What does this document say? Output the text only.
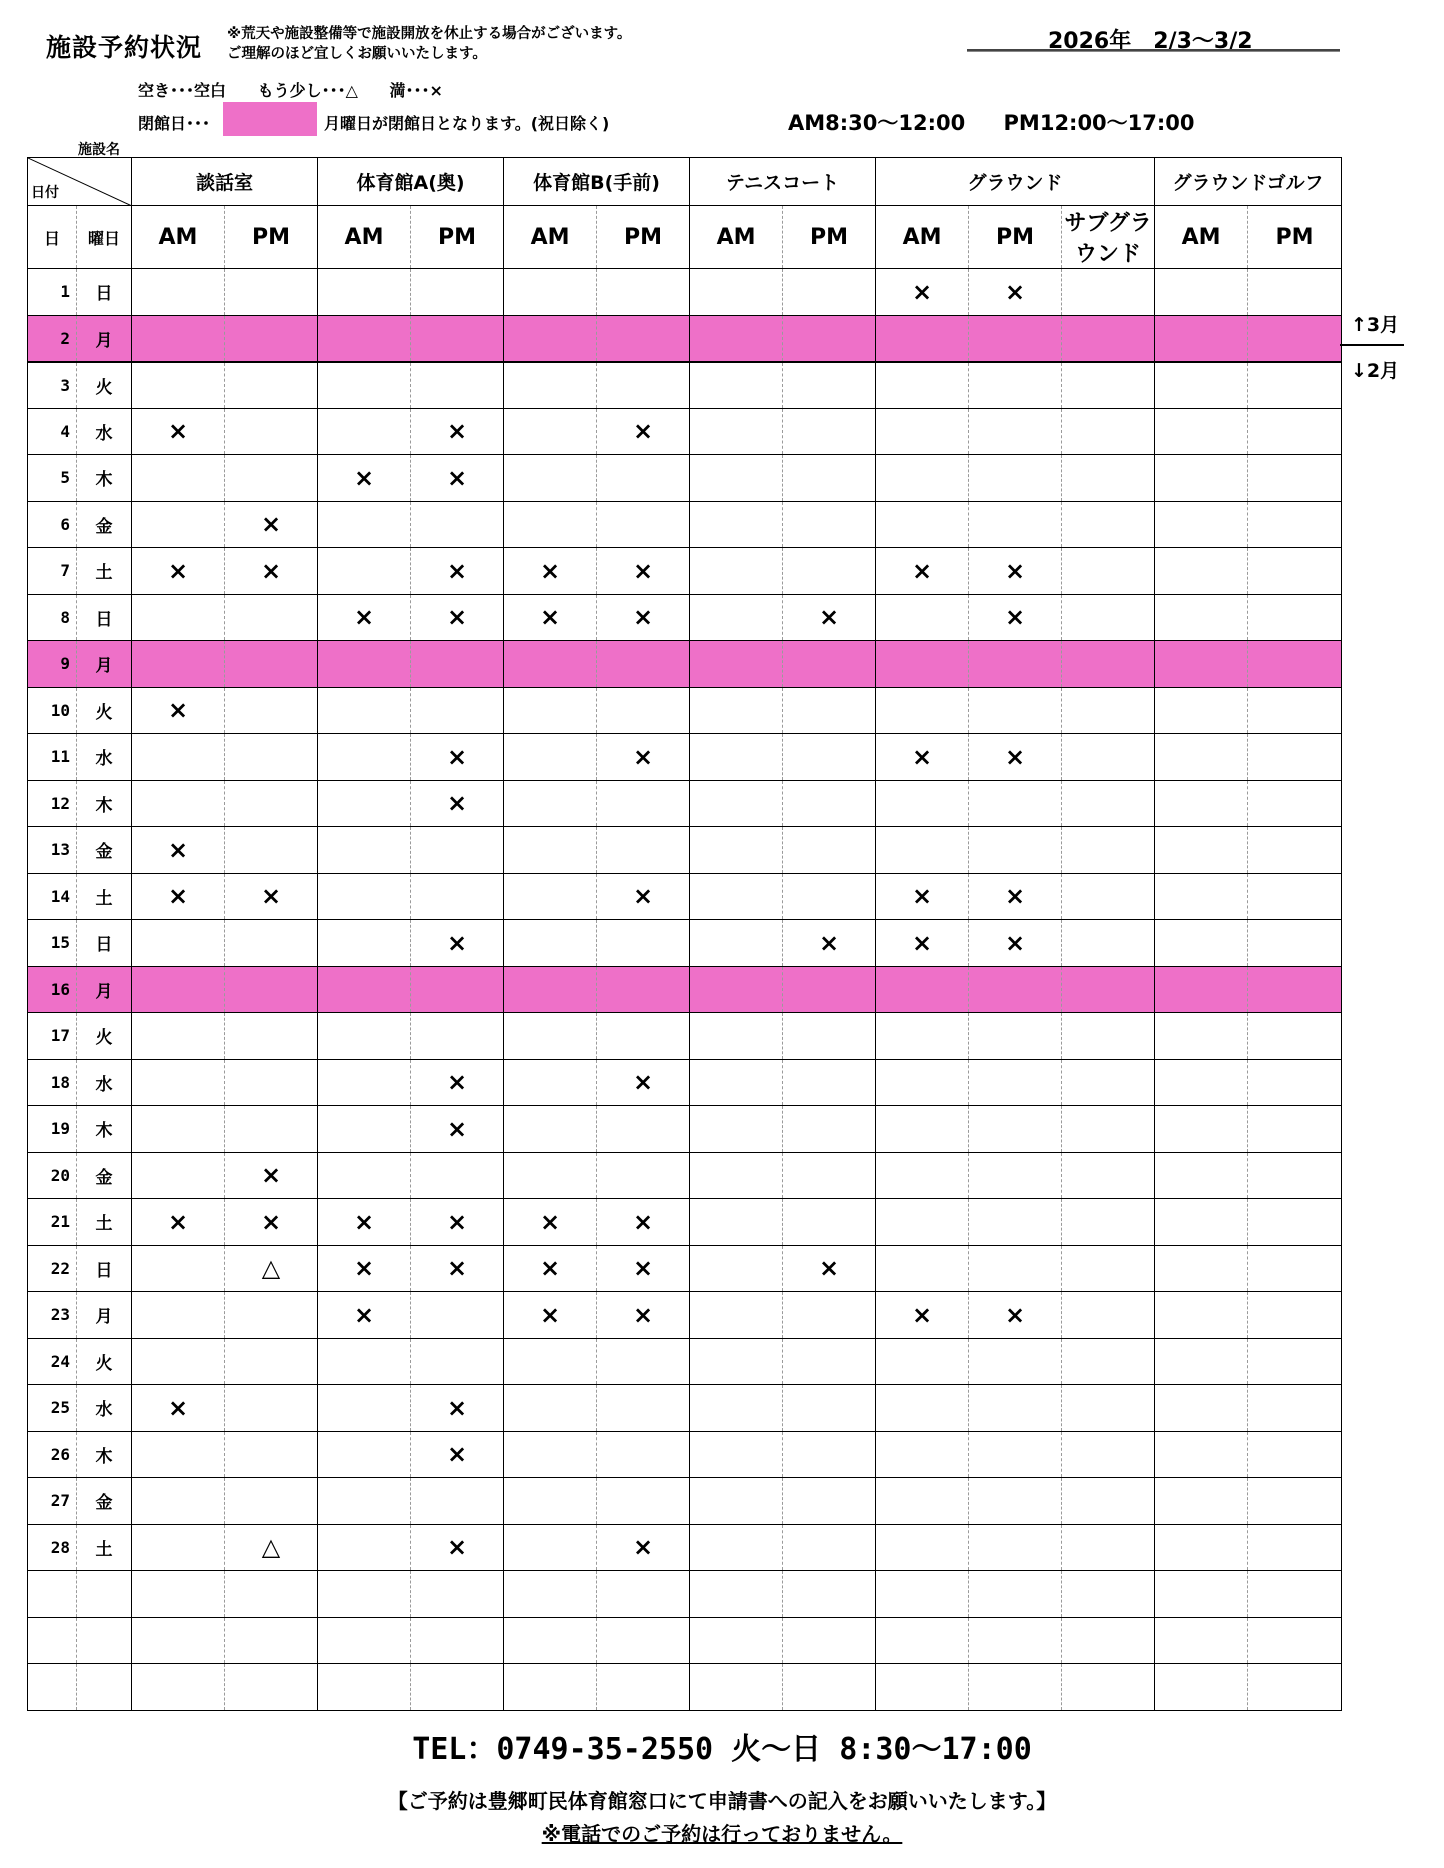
施設予約状況 ※荒天や施設整備等で施設開放を休止する場合がございます。
ご理解のほど宜しくお願いいたします。	2026年　2/3～3/2
空き･･･空白　 もう少し･･･△　 満･･･×
閉館日･･･	月曜日が閉館日となります。(祝日除く)	AM8:30～12:00　 PM12:00～17:00
施設名
日付		談話室		体育館A(奥)		体育館B(手前)		テニスコート		グラウンド			グラウンドゴルフ	
日	曜日	AM	PM	AM	PM	AM	PM	AM	PM	AM	PM	サブグラウンド	AM	PM
1	日									×	×			
2	月													
3	火													
4	水	×			×		×							
5	木			×	×									
6	金		×											
7	土	×	×		×	×	×			×	×			
8	日			×	×	×	×		×		×			
9	月													
10	火	×												
11	水				×		×			×	×			
12	木				×									
13	金	×												
14	土	×	×				×			×	×			
15	日				×				×	×	×			
16	月													
17	火													
18	水				×		×							
19	木				×									
20	金		×											
21	土	×	×	×	×	×	×							
22	日		△	×	×	×	×		×					
23	月			×		×	×			×	×			
24	火													
25	水	×			×									
26	木				×									
27	金													
28	土		△		×		×							

↑3月
↓2月
TEL：0749-35-2550 火～日 8:30～17:00
【ご予約は豊郷町民体育館窓口にて申請書への記入をお願いいたします。】
※電話でのご予約は行っておりません。
